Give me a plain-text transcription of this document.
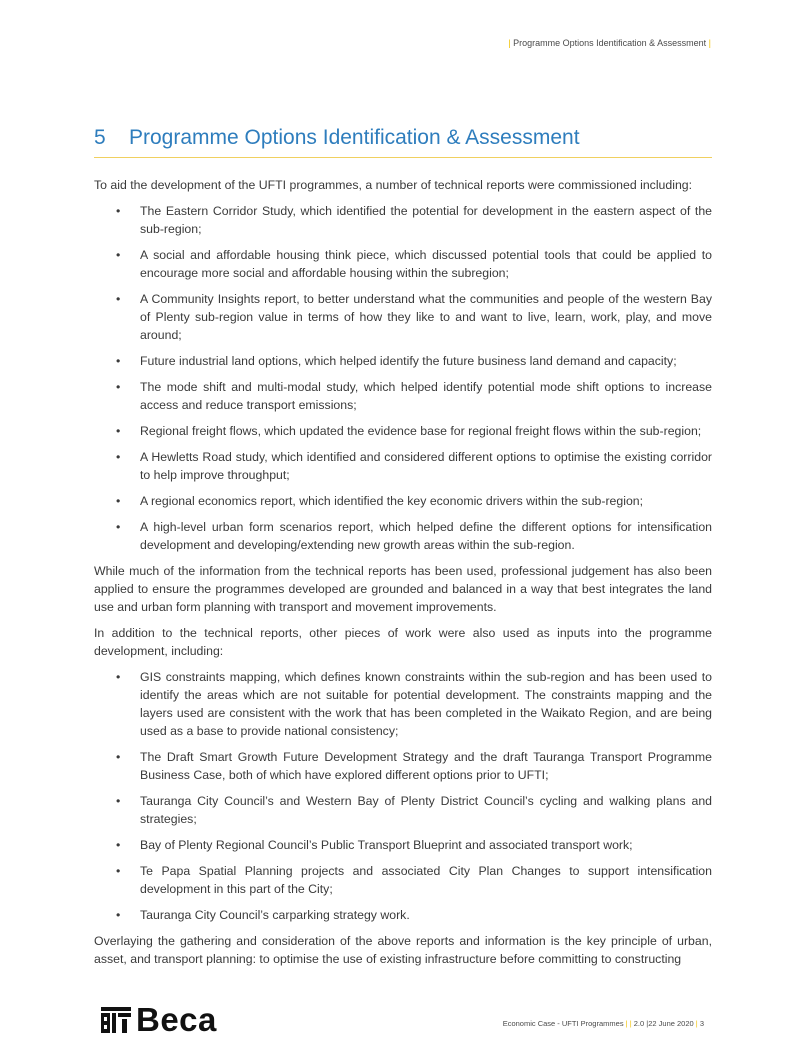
| Programme Options Identification & Assessment |
5 Programme Options Identification & Assessment

To aid the development of the UFTI programmes, a number of technical reports were commissioned including:

• The Eastern Corridor Study, which identified the potential for development in the eastern aspect of the sub-region;
• A social and affordable housing think piece, which discussed potential tools that could be applied to encourage more social and affordable housing within the subregion;
• A Community Insights report, to better understand what the communities and people of the western Bay of Plenty sub-region value in terms of how they like to and want to live, learn, work, play, and move around;
• Future industrial land options, which helped identify the future business land demand and capacity;
• The mode shift and multi-modal study, which helped identify potential mode shift options to increase access and reduce transport emissions;
• Regional freight flows, which updated the evidence base for regional freight flows within the sub-region;
• A Hewletts Road study, which identified and considered different options to optimise the existing corridor to help improve throughput;
• A regional economics report, which identified the key economic drivers within the sub-region;
• A high-level urban form scenarios report, which helped define the different options for intensification development and developing/extending new growth areas within the sub-region.

While much of the information from the technical reports has been used, professional judgement has also been applied to ensure the programmes developed are grounded and balanced in a way that best integrates the land use and urban form planning with transport and movement improvements.

In addition to the technical reports, other pieces of work were also used as inputs into the programme development, including:

• GIS constraints mapping, which defines known constraints within the sub-region and has been used to identify the areas which are not suitable for potential development. The constraints mapping and the layers used are consistent with the work that has been completed in the Waikato Region, and are being used as a base to provide national consistency;
• The Draft Smart Growth Future Development Strategy and the draft Tauranga Transport Programme Business Case, both of which have explored different options prior to UFTI;
• Tauranga City Council’s and Western Bay of Plenty District Council’s cycling and walking plans and strategies;
• Bay of Plenty Regional Council’s Public Transport Blueprint and associated transport work;
• Te Papa Spatial Planning projects and associated City Plan Changes to support intensification development in this part of the City;
• Tauranga City Council’s carparking strategy work.

Overlaying the gathering and consideration of the above reports and information is the key principle of urban, asset, and transport planning: to optimise the use of existing infrastructure before committing to constructing

Beca	Economic Case - UFTI Programmes | | 2.0 |22 June 2020 | 3
